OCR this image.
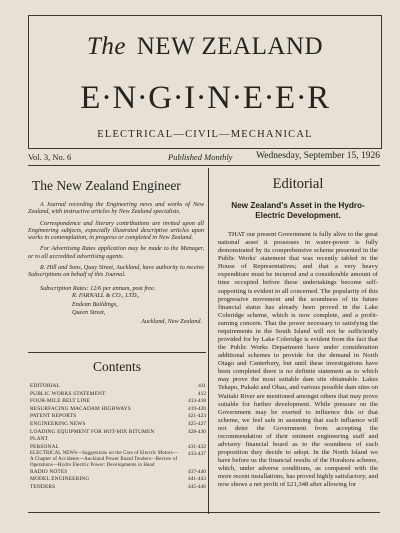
The NEW ZEALAND
E·N·G·I·N·E·E·R
ELECTRICAL—CIVIL—MECHANICAL
Vol. 3, No. 6	Published Monthly Wednesday, September 15, 1926
The New Zealand Engineer

A Journal recording the Engineering news and works of New Zealand, with instructive articles by New Zealand specialists.

Correspondence and literary contributions are invited upon all Engineering subjects, especially illustrated descriptive articles upon works in contemplation, in progress or completed in New Zealand.

For Advertising Rates application may be made to the Manager, or to all accredited advertising agents.

R. Hill and Sons, Quay Street, Auckland, have authority to receive Subscriptions on behalf of this Journal.

Subscription Rates: 12/6 per annum, post free.

R. FARNALL & CO., LTD.,
Endean Buildings,
Queen Street,
Auckland, New Zealand.
Contents
EDITORIAL	411
PUBLIC WORKS STATEMENT	412
FOUR-MILE BELT LINE	413-418
RESURFACING MACADAM HIGHWAYS	419-420
PATENT REPORTS	421-423
ENGINEERING NEWS	425-427
LOADING EQUIPMENT FOR HOT-MIX BITUMEN
PLANT
428-430
PERSONAL	431-432
ELECTRICAL NEWS—Suggestions on the Care of Electric Motors—A Chapter of Accidents—Auckland Power Board Tenders—Review of Operations—Hydro Electric Power: Developments in Hand
433-437
RADIO NOTES	437-440
MODEL ENGINEERING	441-443
TENDERS	445-446
Editorial

New Zealand's Asset in the Hydro-Electric Development.

THAT our present Government is fully alive to the great national asset it possesses in water-power is fully demonstrated by its comprehensive scheme presented in the Public Works' statement that was recently tabled in the House of Representatives; and that a very heavy expenditure must be incurred and a considerable amount of time occupied before these undertakings become self-supporting is evident to all concerned. The popularity of this progressive movement and the soundness of its future financial status has already been proved in the Lake Coleridge scheme, which is now complete, and a profit-earning concern. That the power necessary to satisfying the requirements in the South Island will not be sufficiently provided for by Lake Coleridge is evident from the fact that the Public Works Department have under consideration additional schemes to provide for the demand in North Otago and Canterbury, but until these investigations have been completed there is no definite statement as to which may prove the most suitable dam site obtainable. Lakes Tekapo, Pukaki and Ohau, and various possible dam sites on Waitaki River are mentioned amongst others that may prove suitable for further development. While pressure on the Government may be exerted to influence this or that scheme, we feel safe in assuming that such influence will not deter the Government from accepting the recommendation of their eminent engineering staff and advisory financial board as to the soundness of each proposition they decide to adopt. In the North Island we have before us the financial results of the Horahora scheme, which, under adverse conditions, as compared with the more recent installations, has proved highly satisfactory, and now shows a net profit of £21,348 after allowing for
